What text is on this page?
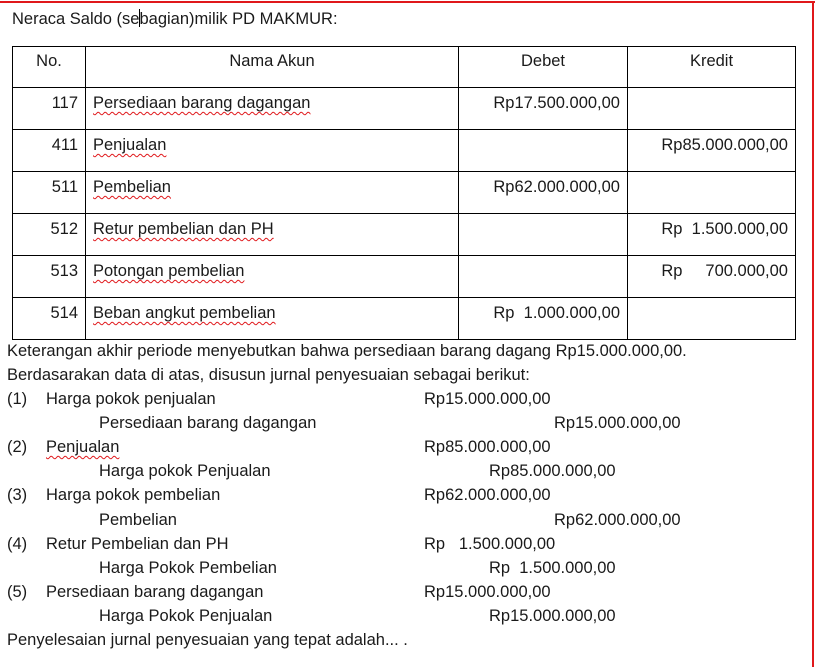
Neraca Saldo (sebagian)milik PD MAKMUR:
No.	Nama Akun	Debet	Kredit
117	Persediaan barang dagangan	Rp17.500.000,00	
411	Penjualan		Rp85.000.000,00
511	Pembelian	Rp62.000.000,00	
512	Retur pembelian dan PH		Rp  1.500.000,00
513	Potongan pembelian		Rp     700.000,00
514	Beban angkut pembelian	Rp  1.000.000,00	
Keterangan akhir periode menyebutkan bahwa persediaan barang dagang Rp15.000.000,00.
Berdasarakan data di atas, disusun jurnal penyesuaian sebagai berikut:
(1) Harga pokok penjualan	Rp15.000.000,00
Persediaan barang dagangan	Rp15.000.000,00
(2) Penjualan	Rp85.000.000,00
Harga pokok Penjualan	Rp85.000.000,00
(3) Harga pokok pembelian	Rp62.000.000,00
Pembelian	Rp62.000.000,00
(4) Retur Pembelian dan PH	Rp   1.500.000,00
Harga Pokok Pembelian	Rp  1.500.000,00
(5) Persediaan barang dagangan	Rp15.000.000,00
Harga Pokok Penjualan	Rp15.000.000,00
Penyelesaian jurnal penyesuaian yang tepat adalah... .
